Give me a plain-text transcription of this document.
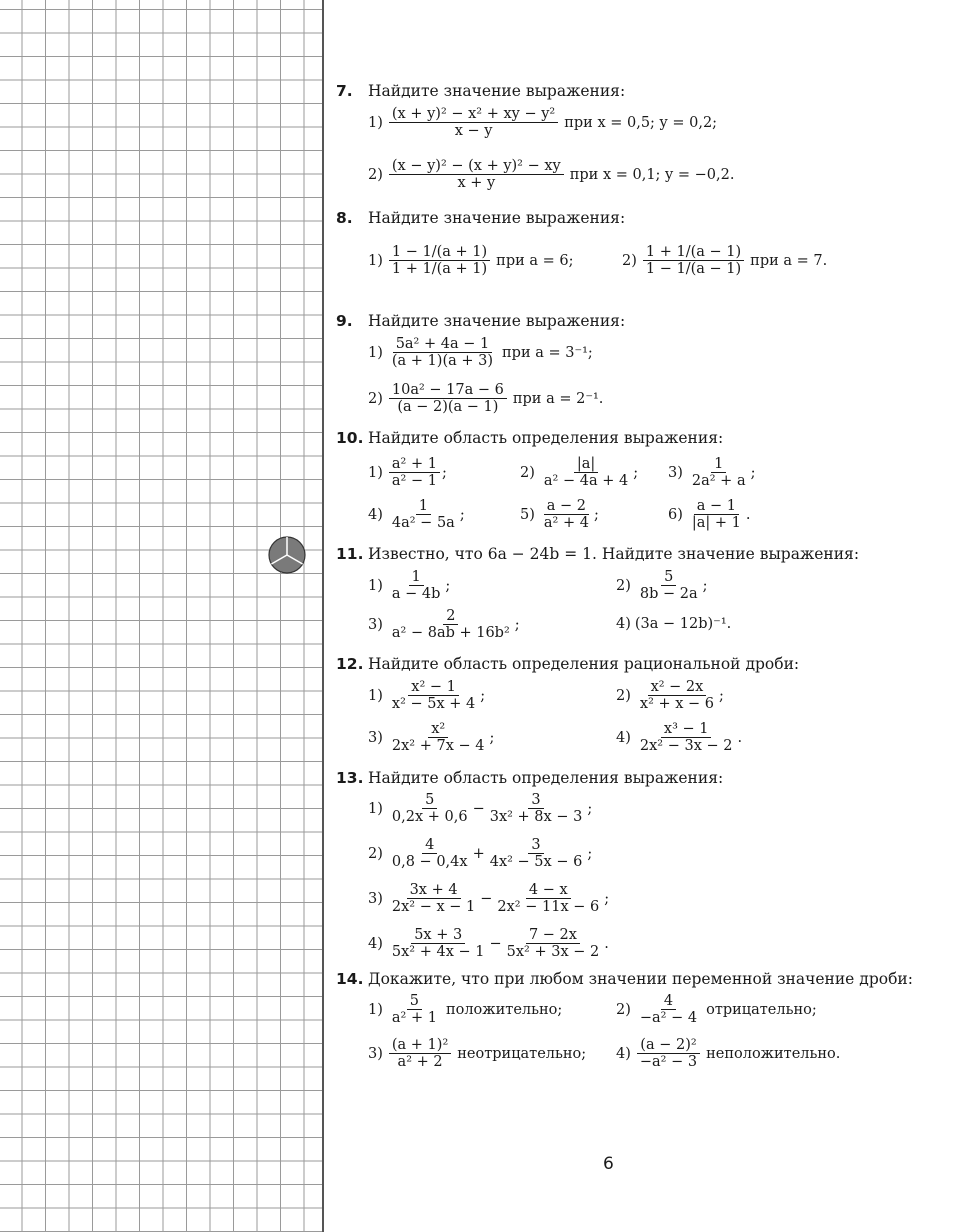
7. Найдите значение выражения:
$1) \frac{\text{(x + y)² − x² + xy − y²}}{x - y}$ при x = 0,5; y = 0,2;
$2) \frac{\text{(x − y)² − (x + y)² − xy}}{x + y}$ при x = 0,1; y = −0,2.
8. Найдите значение выражения:
$1) \frac{1 - 1/(a + 1)}{1 + 1/(a + 1)}$ при a = 6;	$2) \frac{1 + 1/(a - 1)}{1 - 1/(a - 1)}$ при a = 7.
9. Найдите значение выражения:
$1) \frac{\text{5a² + 4a − 1}}{(a + 1)(a + 3)}$ при a = 3⁻¹;
$2) \frac{\text{10a² − 17a − 6}}{(a - 2)(a - 1)}$ при a = 2⁻¹.
10. Найдите область определения выражения:
$1) \frac{\text{a² + 1}}{\text{a² − 1}}$ ;	$2) \frac{|a|}{\text{a² − 4a + 4}}$ ; $3) \frac{1}{\text{2a² + a}}$ ;
$4) \frac{1}{\text{4a² − 5a}}$ ;	$5) \frac{a - 2}{\text{a² + 4}}$ ;	$6) \frac{a - 1}{|a| + 1}$ .
11. Известно, что 6a − 24b = 1. Найдите значение выражения:
$1) \frac{1}{a - 4b}$ ;	$2) \frac{5}{8b - 2a}$ ;
$3) \frac{2}{\text{a² − 8ab + 16b²}}$ ;	4) (3a − 12b)⁻¹.
12. Найдите область определения рациональной дроби:
$1) \frac{\text{x² − 1}}{\text{x² − 5x + 4}}$ ;	$2) \frac{\text{x² − 2x}}{\text{x² + x − 6}}$ ;
$3) \frac{\text{x²}}{\text{2x² + 7x − 4}}$ ;	$4) \frac{\text{x³ − 1}}{\text{2x² − 3x − 2}}$ .
13. Найдите область определения выражения:
$1) \frac{5}{0,2x + 0,6} - \frac{3}{\text{3x² + 8x − 3}}$ ;
$2) \frac{4}{0,8 - 0,4x} + \frac{3}{\text{4x² − 5x − 6}}$ ;
$3) \frac{3x + 4}{\text{2x² − x − 1}} - \frac{4 - x}{\text{2x² − 11x − 6}}$ ;
$4) \frac{5x + 3}{\text{5x² + 4x − 1}} - \frac{7 - 2x}{\text{5x² + 3x − 2}}$ .
14. Докажите, что при любом значении переменной значение дроби:
$1) \frac{5}{\text{a² + 1}}$ положительно;	$2) \frac{4}{\text{−a² − 4}}$ отрицательно;
$3) \frac{\text{(a + 1)²}}{\text{a² + 2}}$ неотрицательно; $4) \frac{\text{(a − 2)²}}{\text{−a² − 3}}$ неположительно.
6
